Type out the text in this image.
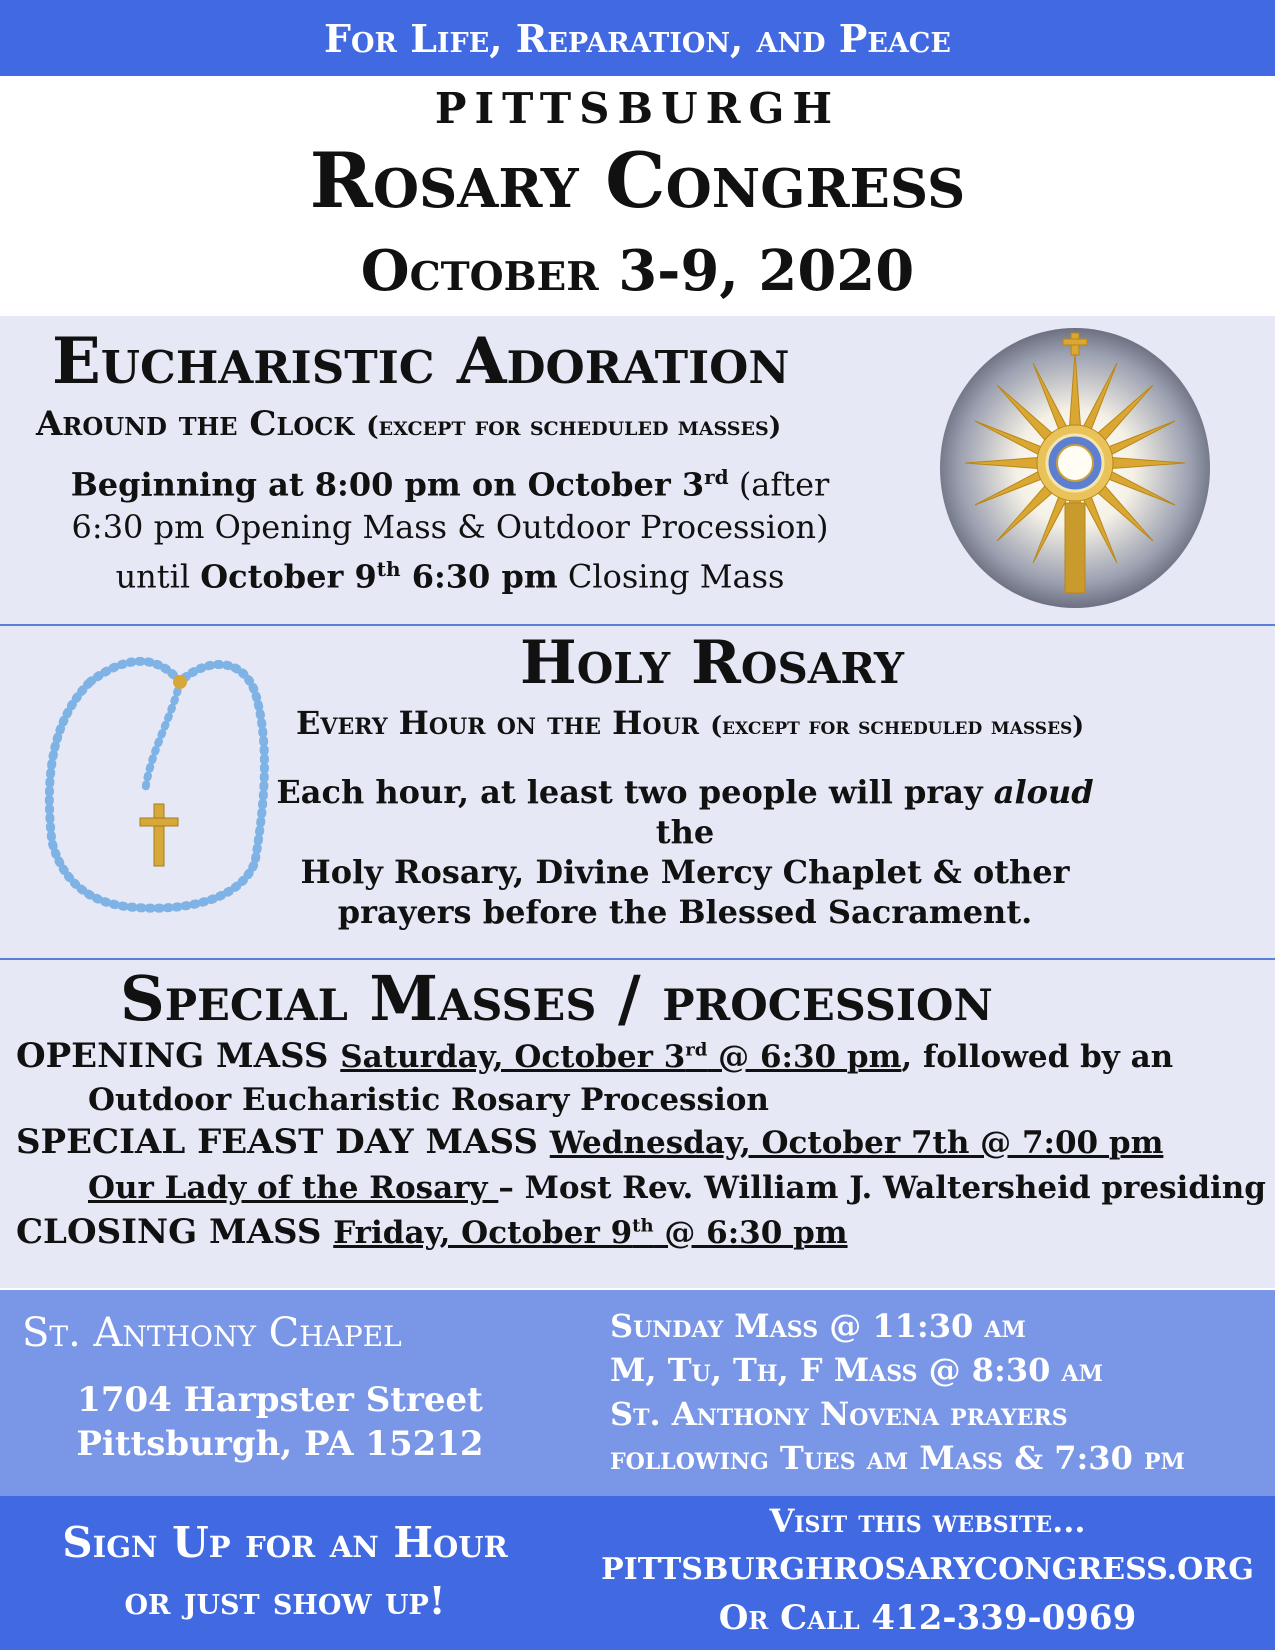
For Life, Reparation, and Peace
PITTSBURGH
Rosary Congress
October 3-9, 2020
Eucharistic Adoration
Around the Clock (except for scheduled masses)
Beginning at 8:00 pm on October 3rd (after
6:30 pm Opening Mass & Outdoor Procession)
until October 9th 6:30 pm Closing Mass
Holy Rosary
Every Hour on the Hour (except for scheduled masses)
Each hour, at least two people will pray aloud the
Holy Rosary, Divine Mercy Chaplet & other
prayers before the Blessed Sacrament.
Special Masses / procession
OPENING MASS Saturday, October 3rd @ 6:30 pm, followed by an
Outdoor Eucharistic Rosary Procession
SPECIAL FEAST DAY MASS Wednesday, October 7th @ 7:00 pm
Our Lady of the Rosary – Most Rev. William J. Waltersheid presiding
CLOSING MASS Friday, October 9th @ 6:30 pm
St. Anthony Chapel
1704 Harpster Street
Pittsburgh, PA 15212
Sunday Mass @ 11:30 am
M, Tu, Th, F Mass @ 8:30 am
St. Anthony Novena prayers
following Tues am Mass & 7:30 pm
Sign Up for an Hour
or just show up!
Visit this website...
PITTSBURGHROSARYCONGRESS.ORG
Or Call 412-339-0969
